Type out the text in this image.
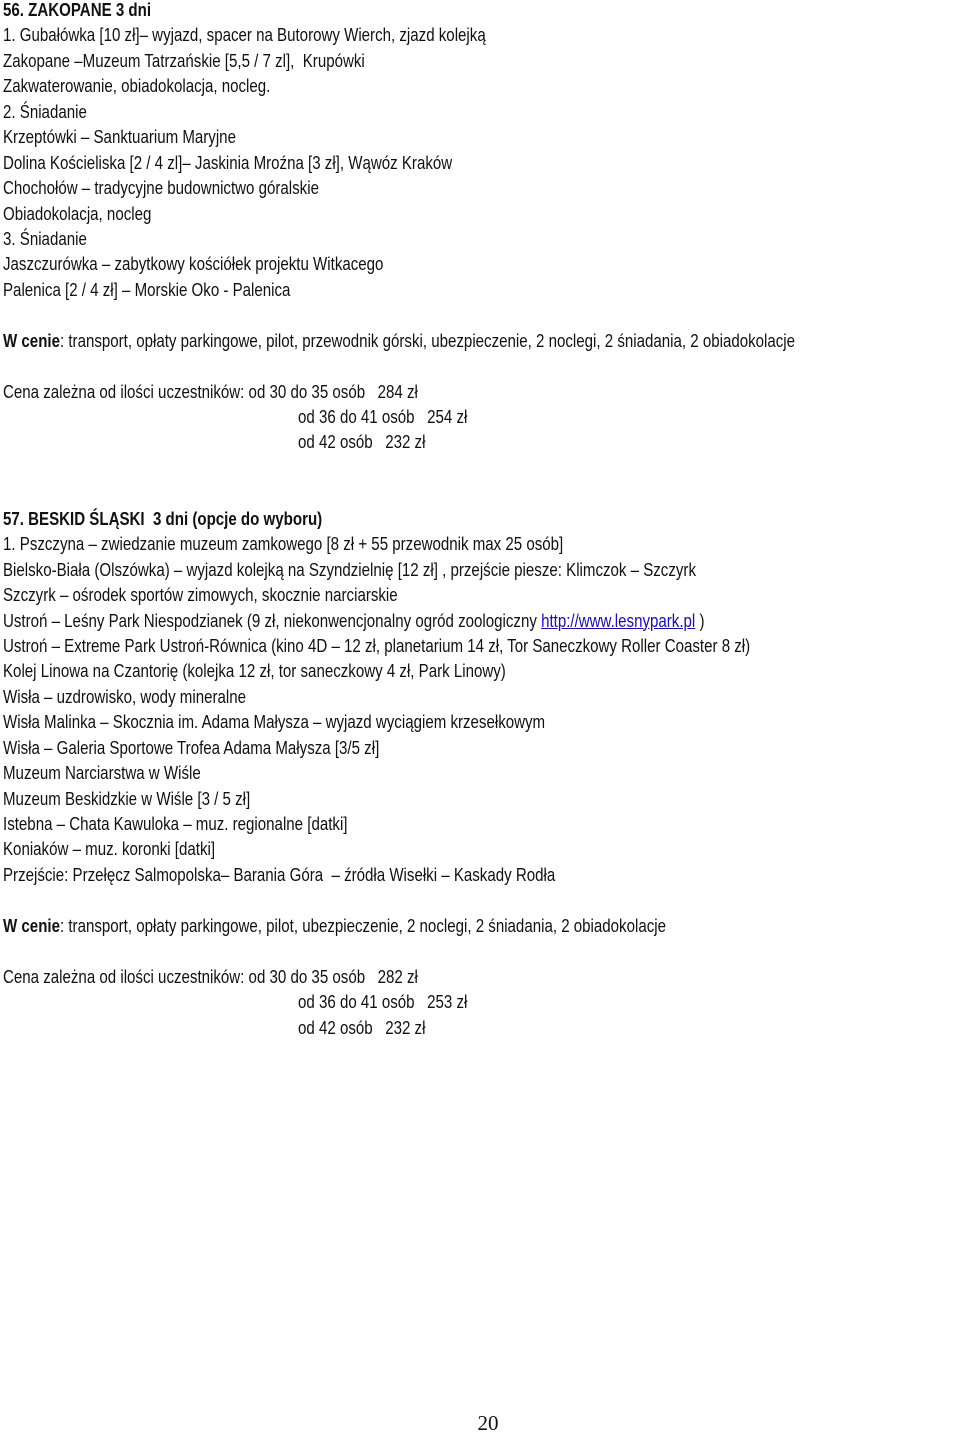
56. ZAKOPANE 3 dni
1. Gubałówka [10 zł]– wyjazd, spacer na Butorowy Wierch, zjazd kolejką
Zakopane –Muzeum Tatrzańskie [5,5 / 7 zl],  Krupówki
Zakwaterowanie, obiadokolacja, nocleg.
2. Śniadanie
Krzeptówki – Sanktuarium Maryjne
Dolina Kościeliska [2 / 4 zl]– Jaskinia Mroźna [3 zł], Wąwóz Kraków
Chochołów – tradycyjne budownictwo góralskie
Obiadokolacja, nocleg
3. Śniadanie
Jaszczurówka – zabytkowy kościółek projektu Witkacego
Palenica [2 / 4 zł] – Morskie Oko - Palenica
W cenie: transport, opłaty parkingowe, pilot, przewodnik górski, ubezpieczenie, 2 noclegi, 2 śniadania, 2 obiadokolacje
Cena zależna od ilości uczestników: od 30 do 35 osób   284 zł
od 36 do 41 osób   254 zł
od 42 osób   232 zł
57. BESKID ŚLĄSKI  3 dni (opcje do wyboru)
1. Pszczyna – zwiedzanie muzeum zamkowego [8 zł + 55 przewodnik max 25 osób]
Bielsko-Biała (Olszówka) – wyjazd kolejką na Szyndzielnię [12 zł] , przejście piesze: Klimczok – Szczyrk
Szczyrk – ośrodek sportów zimowych, skocznie narciarskie
Ustroń – Leśny Park Niespodzianek (9 zł, niekonwencjonalny ogród zoologiczny http://www.lesnypark.pl )
Ustroń – Extreme Park Ustroń-Równica (kino 4D – 12 zł, planetarium 14 zł, Tor Saneczkowy Roller Coaster 8 zł)
Kolej Linowa na Czantorię (kolejka 12 zł, tor saneczkowy 4 zł, Park Linowy)
Wisła – uzdrowisko, wody mineralne
Wisła Malinka – Skocznia im. Adama Małysza – wyjazd wyciągiem krzesełkowym
Wisła – Galeria Sportowe Trofea Adama Małysza [3/5 zł]
Muzeum Narciarstwa w Wiśle
Muzeum Beskidzkie w Wiśle [3 / 5 zł]
Istebna – Chata Kawuloka – muz. regionalne [datki]
Koniaków – muz. koronki [datki]
Przejście: Przełęcz Salmopolska– Barania Góra  – źródła Wisełki – Kaskady Rodła
W cenie: transport, opłaty parkingowe, pilot, ubezpieczenie, 2 noclegi, 2 śniadania, 2 obiadokolacje
Cena zależna od ilości uczestników: od 30 do 35 osób   282 zł
od 36 do 41 osób   253 zł
od 42 osób   232 zł
20
